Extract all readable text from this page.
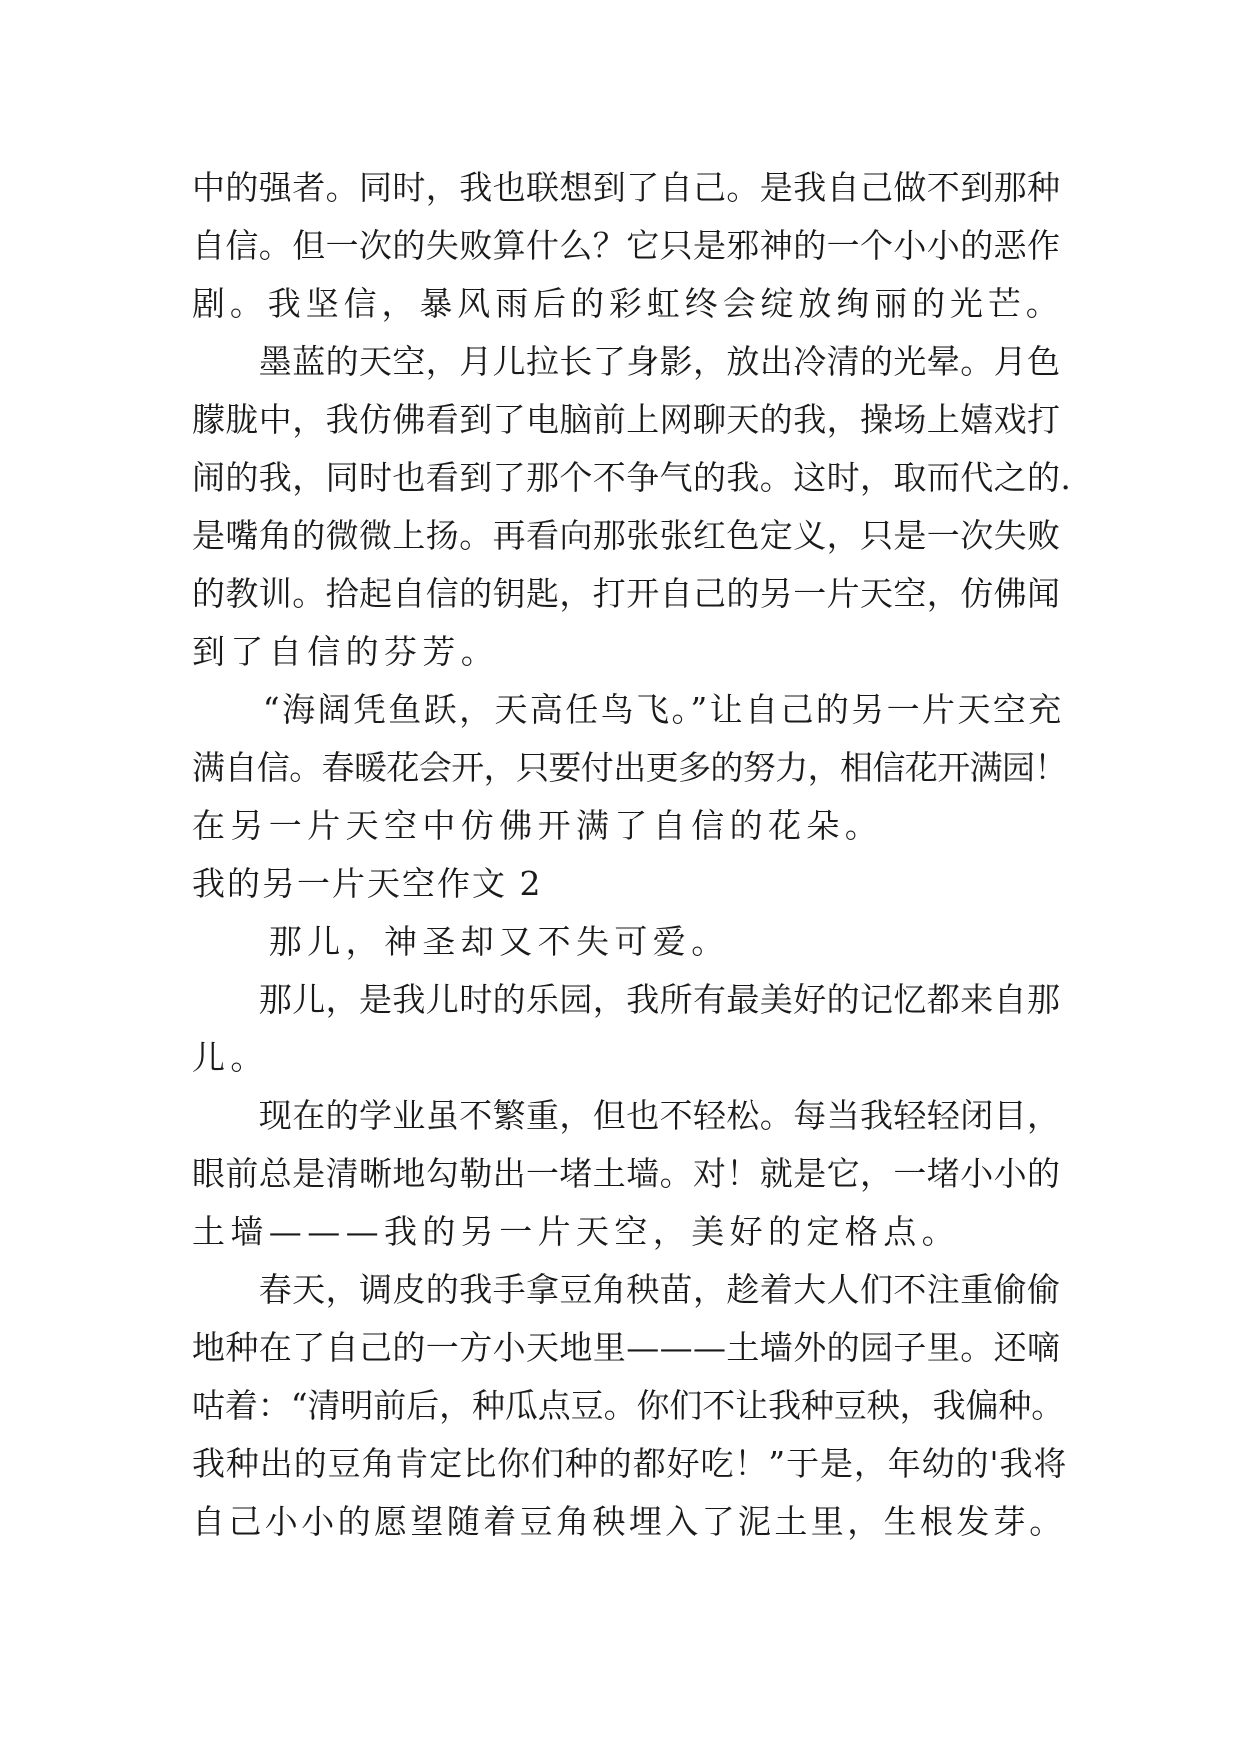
中的强者。同时，我也联想到了自己。是我自己做不到那种
自信。但一次的失败算什么？它只是邪神的一个小小的恶作
剧。我坚信，暴风雨后的彩虹终会绽放绚丽的光芒。
　　墨蓝的天空，月儿拉长了身影，放出冷清的光晕。月色
朦胧中，我仿佛看到了电脑前上网聊天的我，操场上嬉戏打
闹的我，同时也看到了那个不争气的我。这时，取而代之的.
是嘴角的微微上扬。再看向那张张红色定义，只是一次失败
的教训。拾起自信的钥匙，打开自己的另一片天空，仿佛闻
到了自信的芬芳。
　　“海阔凭鱼跃，天高任鸟飞。”让自己的另一片天空充
满自信。春暖花会开，只要付出更多的努力，相信花开满园！
在另一片天空中仿佛开满了自信的花朵。
我的另一片天空作文 2
　　那儿，神圣却又不失可爱。
　　那儿，是我儿时的乐园，我所有最美好的记忆都来自那
儿。
　　现在的学业虽不繁重，但也不轻松。每当我轻轻闭目，
眼前总是清晰地勾勒出一堵土墙。对！就是它，一堵小小的
土墙———我的另一片天空，美好的定格点。
　　春天，调皮的我手拿豆角秧苗，趁着大人们不注重偷偷
地种在了自己的一方小天地里———土墙外的园子里。还嘀
咕着：“清明前后，种瓜点豆。你们不让我种豆秧，我偏种。
我种出的豆角肯定比你们种的都好吃！”于是，年幼的'我将
自己小小的愿望随着豆角秧埋入了泥土里，生根发芽。
